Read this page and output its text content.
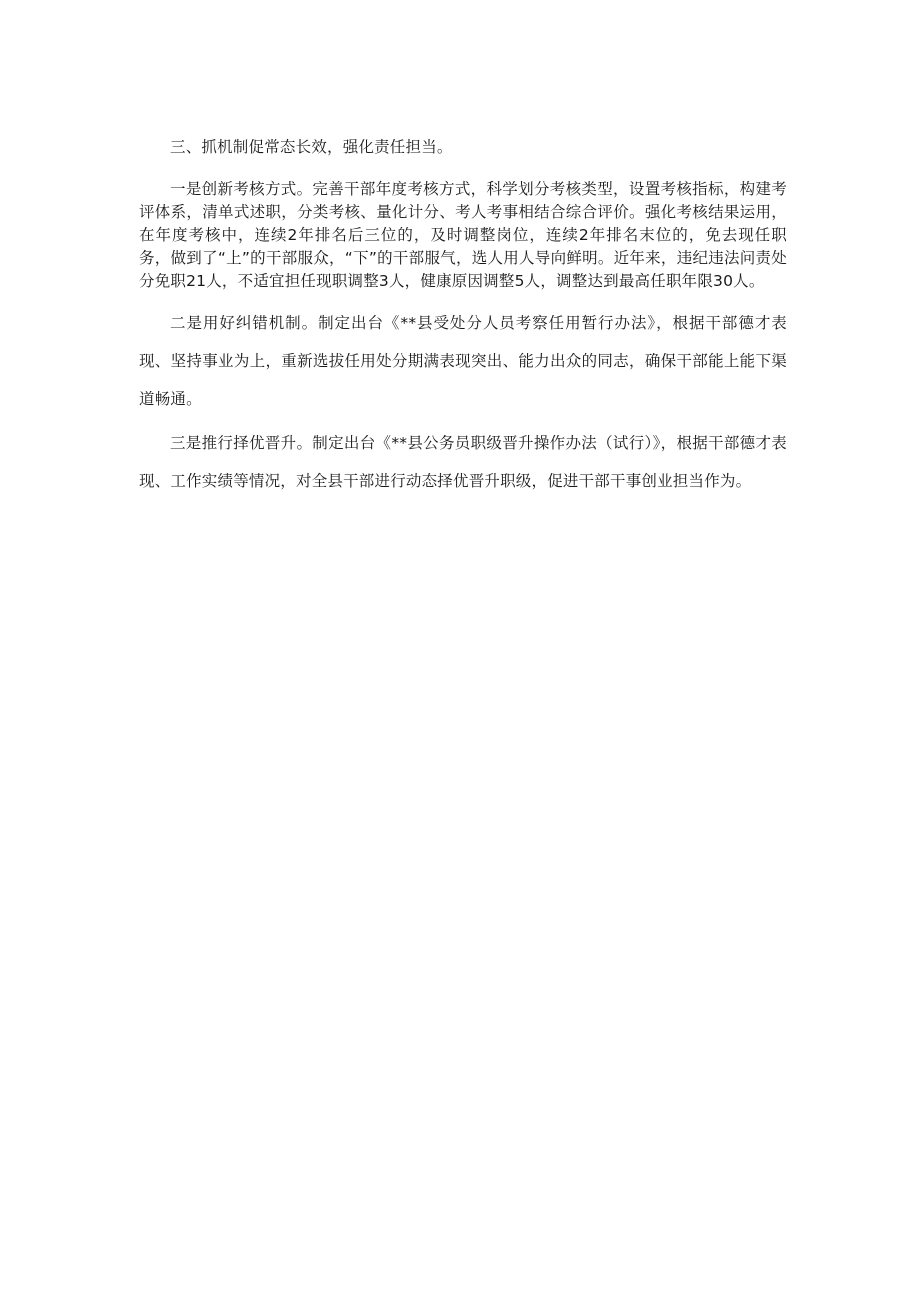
三、抓机制促常态长效，强化责任担当。

一是创新考核方式。完善干部年度考核方式，科学划分考核类型，设置考核指标，构建考评体系，清单式述职，分类考核、量化计分、考人考事相结合综合评价。强化考核结果运用，在年度考核中，连续2年排名后三位的，及时调整岗位，连续2年排名末位的，免去现任职务，做到了“上”的干部服众，“下”的干部服气，选人用人导向鲜明。近年来，违纪违法问责处分免职21人，不适宜担任现职调整3人，健康原因调整5人，调整达到最高任职年限30人。

二是用好纠错机制。制定出台《**县受处分人员考察任用暂行办法》，根据干部德才表现、坚持事业为上，重新选拔任用处分期满表现突出、能力出众的同志，确保干部能上能下渠道畅通。

三是推行择优晋升。制定出台《**县公务员职级晋升操作办法（试行）》，根据干部德才表现、工作实绩等情况，对全县干部进行动态择优晋升职级，促进干部干事创业担当作为。
